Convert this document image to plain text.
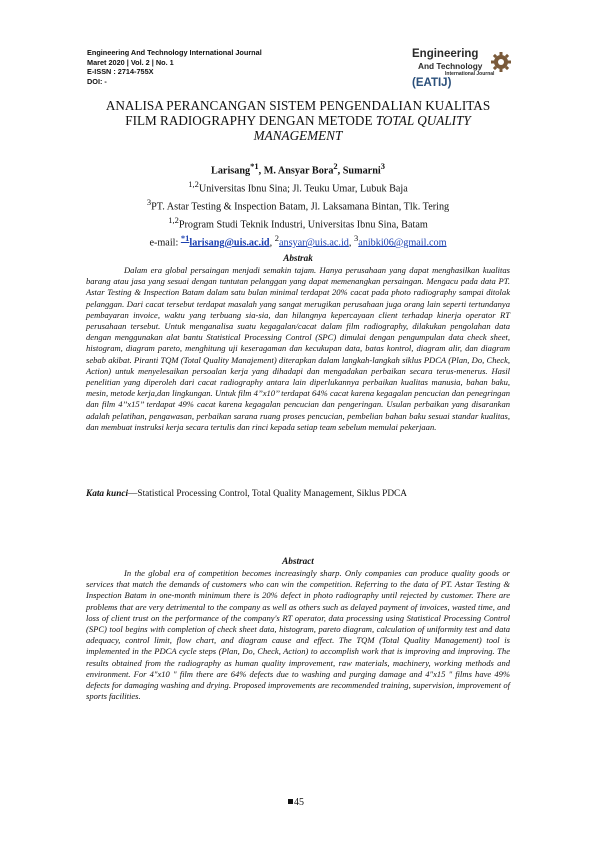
Engineering And Technology International Journal
Maret 2020 | Vol. 2 | No. 1
E-ISSN : 2714-755X
DOI: -
Engineering
And Technology
International Journal
(EATIJ)
ANALISA PERANCANGAN SISTEM PENGENDALIAN KUALITAS
FILM RADIOGRAPHY DENGAN METODE TOTAL QUALITY
MANAGEMENT
Larisang$^{*1}$, M. Ansyar Bora$^2$, Sumarni$^3$
$^{1,2}$Universitas Ibnu Sina; Jl. Teuku Umar, Lubuk Baja
$^3$PT. Astar Testing & Inspection Batam, Jl. Laksamana Bintan, Tlk. Tering
$^{1,2}$Program Studi Teknik Industri, Universitas Ibnu Sina, Batam
e-mail: $^{*1}$larisang@uis.ac.id, $^2$ansyar@uis.ac.id, $^3$anibki06@gmail.com
Abstrak

Dalam era global persaingan menjadi semakin tajam. Hanya perusahaan yang dapat menghasilkan kualitas barang atau jasa yang sesuai dengan tuntutan pelanggan yang dapat memenangkan persaingan. Mengacu pada data PT. Astar Testing & Inspection Batam dalam satu bulan minimal terdapat 20% cacat pada photo radiography sampai ditolak pelanggan. Dari cacat tersebut terdapat masalah yang sangat merugikan perusahaan juga orang lain seperti tertundanya pembayaran invoice, waktu yang terbuang sia-sia, dan hilangnya kepercayaan client terhadap kinerja operator RT perusahaan tersebut. Untuk menganalisa suatu kegagalan/cacat dalam film radiography, dilakukan pengolahan data dengan menggunakan alat bantu Statistical Processing Control (SPC) dimulai dengan pengumpulan data check sheet, histogram, diagram pareto, menghitung uji keseragaman dan kecukupan data, batas kontrol, diagram alir, dan diagram sebab akibat. Piranti TQM (Total Quality Manajement) diterapkan dalam langkah-langkah siklus PDCA (Plan, Do, Check, Action) untuk menyelesaikan persoalan kerja yang dihadapi dan mengadakan perbaikan secara terus-menerus. Hasil penelitian yang diperoleh dari cacat radiography antara lain diperlukannya perbaikan kualitas manusia, bahan baku, mesin, metode kerja,dan lingkungan. Untuk film 4’’x10’’ terdapat 64% cacat karena kegagalan pencucian dan penegringan dan film 4’’x15’’ terdapat 49% cacat karena kegagalan pencucian dan pengeringan. Usulan perbaikan yang disarankan adalah pelatihan, pengawasan, perbaikan sarana ruang proses pencucian, pembelian bahan baku sesuai standar kualitas, dan membuat instruksi kerja secara tertulis dan rinci kepada setiap team sebelum memulai pekerjaan.

Kata kunci—Statistical Processing Control, Total Quality Management, Siklus PDCA
Abstract

In the global era of competition becomes increasingly sharp. Only companies can produce quality goods or services that match the demands of customers who can win the competition. Referring to the data of PT. Astar Testing & Inspection Batam in one-month minimum there is 20% defect in photo radiography until rejected by customer. There are problems that are very detrimental to the company as well as others such as delayed payment of invoices, wasted time, and loss of client trust on the performance of the company's RT operator, data processing using Statistical Processing Control (SPC) tool begins with completion of check sheet data, histogram, pareto diagram, calculation of uniformity test and data adequacy, control limit, flow chart, and diagram cause and effect. The TQM (Total Quality Management) tool is implemented in the PDCA cycle steps (Plan, Do, Check, Action) to accomplish work that is improving and improving. The results obtained from the radiography as human quality improvement, raw materials, machinery, working methods and environment. For 4"x10 " film there are 64% defects due to washing and purging damage and 4"x15 " films have 49% defects for damaging washing and drying. Proposed improvements are recommended training, supervision, improvement of sports facilities.

45
